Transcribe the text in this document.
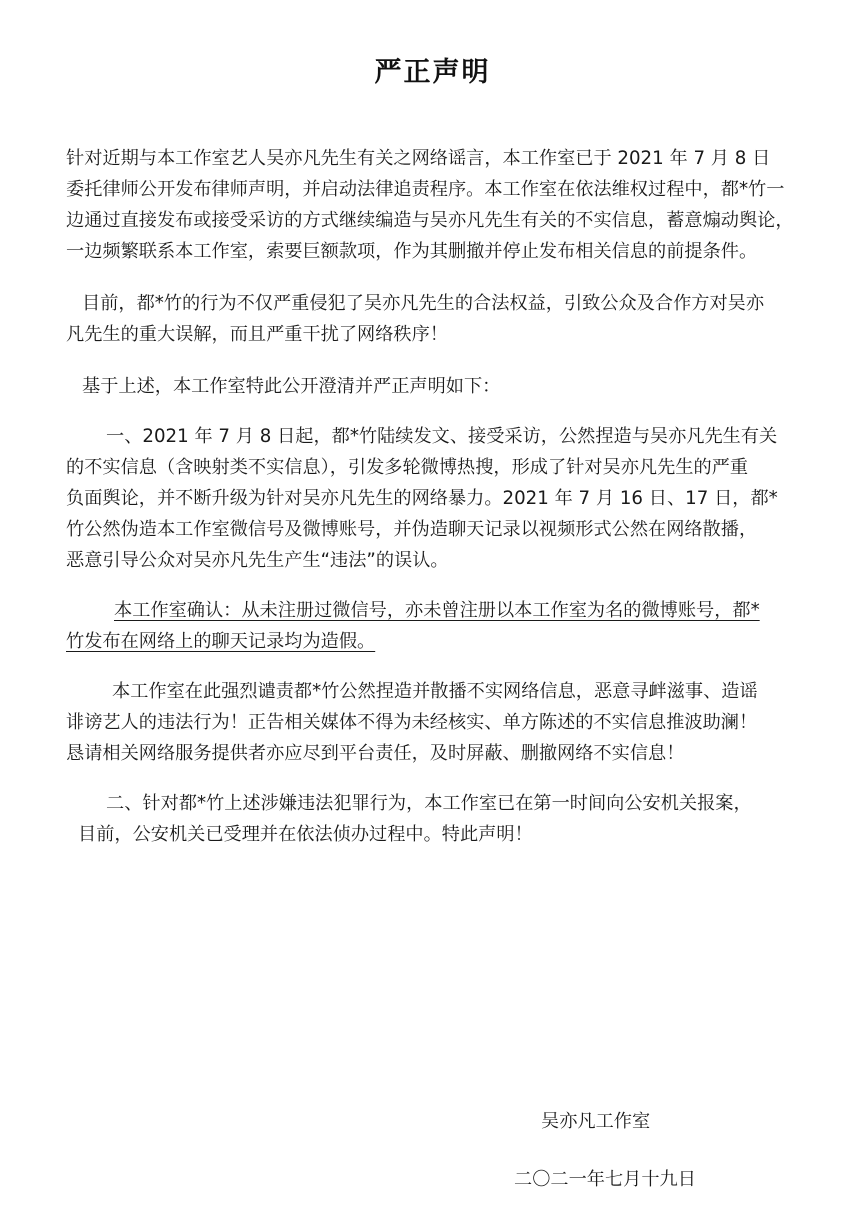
严正声明
针对近期与本工作室艺人吴亦凡先生有关之网络谣言，本工作室已于 2021 年 7 月 8 日
委托律师公开发布律师声明，并启动法律追责程序。本工作室在依法维权过程中，都*竹一
边通过直接发布或接受采访的方式继续编造与吴亦凡先生有关的不实信息，蓄意煽动舆论，
一边频繁联系本工作室，索要巨额款项，作为其删撤并停止发布相关信息的前提条件。
目前，都*竹的行为不仅严重侵犯了吴亦凡先生的合法权益，引致公众及合作方对吴亦
凡先生的重大误解，而且严重干扰了网络秩序！
基于上述，本工作室特此公开澄清并严正声明如下：
一、2021 年 7 月 8 日起，都*竹陆续发文、接受采访，公然捏造与吴亦凡先生有关
的不实信息（含映射类不实信息），引发多轮微博热搜，形成了针对吴亦凡先生的严重
负面舆论，并不断升级为针对吴亦凡先生的网络暴力。2021 年 7 月 16 日、17 日，都*
竹公然伪造本工作室微信号及微博账号，并伪造聊天记录以视频形式公然在网络散播，
恶意引导公众对吴亦凡先生产生“违法”的误认。
本工作室确认：从未注册过微信号，亦未曾注册以本工作室为名的微博账号，都*
竹发布在网络上的聊天记录均为造假。
本工作室在此强烈谴责都*竹公然捏造并散播不实网络信息，恶意寻衅滋事、造谣
诽谤艺人的违法行为！正告相关媒体不得为未经核实、单方陈述的不实信息推波助澜！
恳请相关网络服务提供者亦应尽到平台责任，及时屏蔽、删撤网络不实信息！
二、针对都*竹上述涉嫌违法犯罪行为，本工作室已在第一时间向公安机关报案，
目前，公安机关已受理并在依法侦办过程中。特此声明！
吴亦凡工作室
二〇二一年七月十九日
